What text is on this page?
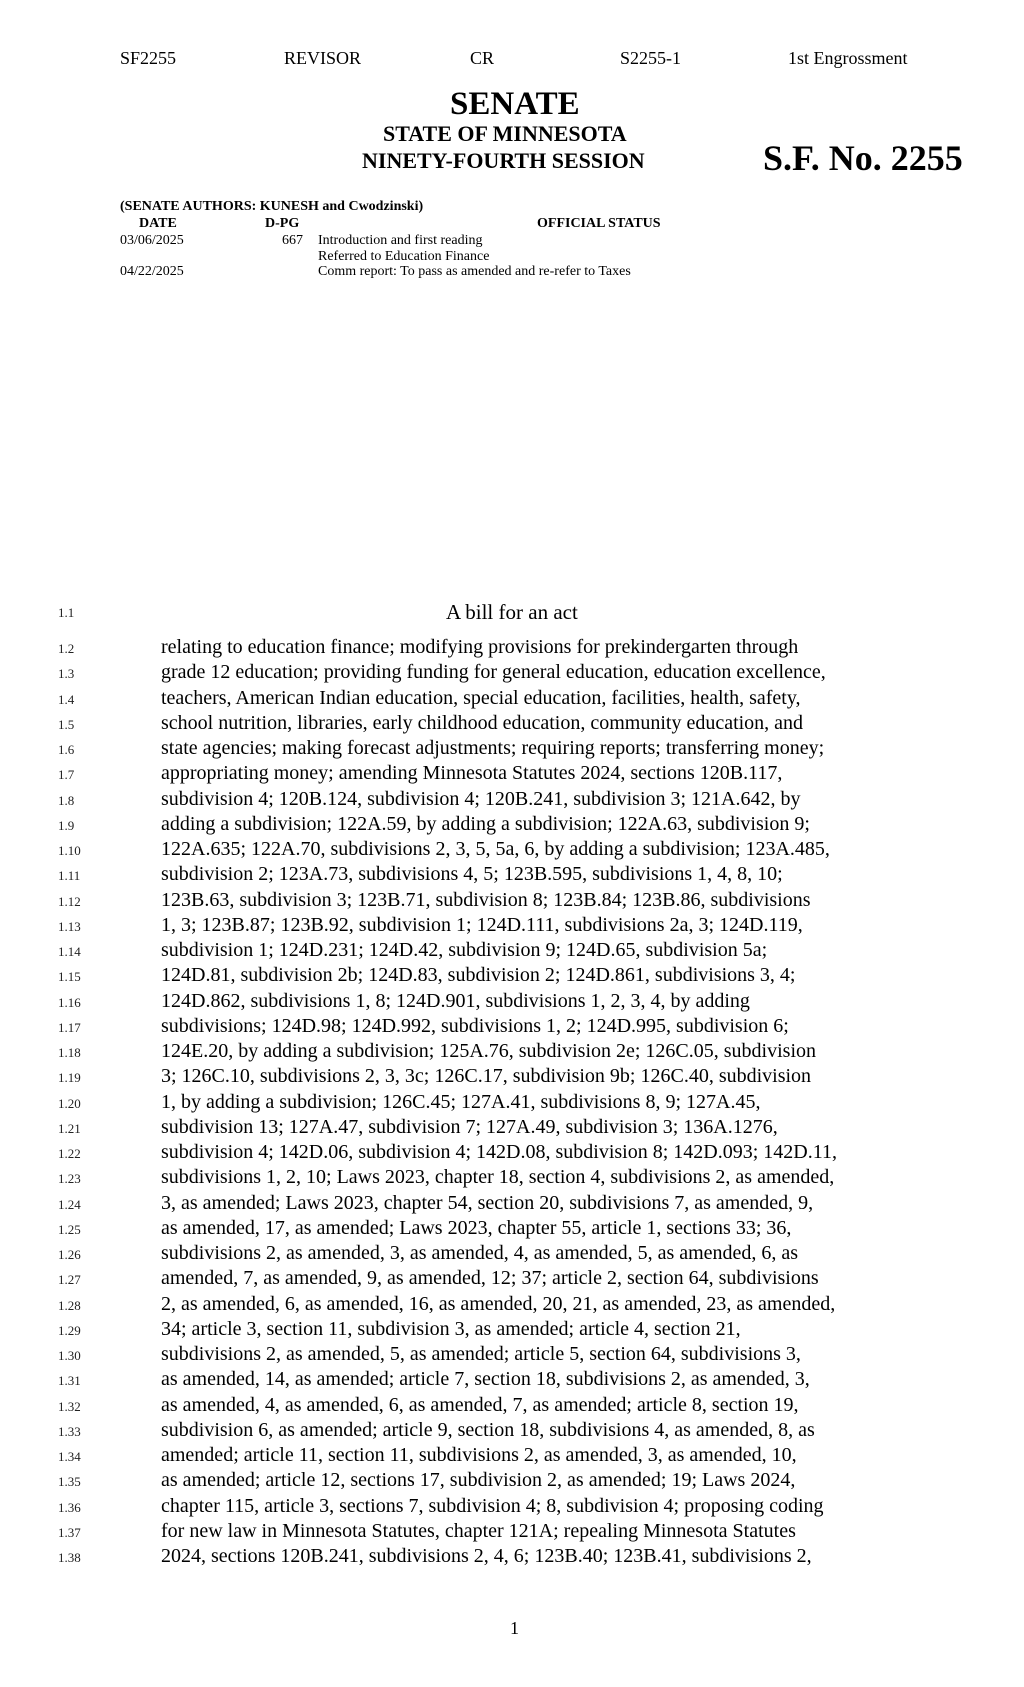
SF2255	REVISOR	CR	S2255-1	1st Engrossment
SENATE
STATE OF MINNESOTA
NINETY-FOURTH SESSION	S.F. No. 2255
(SENATE AUTHORS: KUNESH and Cwodzinski)
DATE	D-PG	OFFICIAL STATUS
03/06/2025	667 Introduction and first reading
Referred to Education Finance
04/22/2025	Comm report: To pass as amended and re-refer to Taxes
1.1	A bill for an act
1.2	relating to education finance; modifying provisions for prekindergarten through
1.3	grade 12 education; providing funding for general education, education excellence,
1.4	teachers, American Indian education, special education, facilities, health, safety,
1.5	school nutrition, libraries, early childhood education, community education, and
1.6	state agencies; making forecast adjustments; requiring reports; transferring money;
1.7	appropriating money; amending Minnesota Statutes 2024, sections 120B.117,
1.8	subdivision 4; 120B.124, subdivision 4; 120B.241, subdivision 3; 121A.642, by
1.9	adding a subdivision; 122A.59, by adding a subdivision; 122A.63, subdivision 9;
1.10	122A.635; 122A.70, subdivisions 2, 3, 5, 5a, 6, by adding a subdivision; 123A.485,
1.11	subdivision 2; 123A.73, subdivisions 4, 5; 123B.595, subdivisions 1, 4, 8, 10;
1.12	123B.63, subdivision 3; 123B.71, subdivision 8; 123B.84; 123B.86, subdivisions
1.13	1, 3; 123B.87; 123B.92, subdivision 1; 124D.111, subdivisions 2a, 3; 124D.119,
1.14	subdivision 1; 124D.231; 124D.42, subdivision 9; 124D.65, subdivision 5a;
1.15	124D.81, subdivision 2b; 124D.83, subdivision 2; 124D.861, subdivisions 3, 4;
1.16	124D.862, subdivisions 1, 8; 124D.901, subdivisions 1, 2, 3, 4, by adding
1.17	subdivisions; 124D.98; 124D.992, subdivisions 1, 2; 124D.995, subdivision 6;
1.18	124E.20, by adding a subdivision; 125A.76, subdivision 2e; 126C.05, subdivision
1.19	3; 126C.10, subdivisions 2, 3, 3c; 126C.17, subdivision 9b; 126C.40, subdivision
1.20	1, by adding a subdivision; 126C.45; 127A.41, subdivisions 8, 9; 127A.45,
1.21	subdivision 13; 127A.47, subdivision 7; 127A.49, subdivision 3; 136A.1276,
1.22	subdivision 4; 142D.06, subdivision 4; 142D.08, subdivision 8; 142D.093; 142D.11,
1.23	subdivisions 1, 2, 10; Laws 2023, chapter 18, section 4, subdivisions 2, as amended,
1.24	3, as amended; Laws 2023, chapter 54, section 20, subdivisions 7, as amended, 9,
1.25	as amended, 17, as amended; Laws 2023, chapter 55, article 1, sections 33; 36,
1.26	subdivisions 2, as amended, 3, as amended, 4, as amended, 5, as amended, 6, as
1.27	amended, 7, as amended, 9, as amended, 12; 37; article 2, section 64, subdivisions
1.28	2, as amended, 6, as amended, 16, as amended, 20, 21, as amended, 23, as amended,
1.29	34; article 3, section 11, subdivision 3, as amended; article 4, section 21,
1.30	subdivisions 2, as amended, 5, as amended; article 5, section 64, subdivisions 3,
1.31	as amended, 14, as amended; article 7, section 18, subdivisions 2, as amended, 3,
1.32	as amended, 4, as amended, 6, as amended, 7, as amended; article 8, section 19,
1.33	subdivision 6, as amended; article 9, section 18, subdivisions 4, as amended, 8, as
1.34	amended; article 11, section 11, subdivisions 2, as amended, 3, as amended, 10,
1.35	as amended; article 12, sections 17, subdivision 2, as amended; 19; Laws 2024,
1.36	chapter 115, article 3, sections 7, subdivision 4; 8, subdivision 4; proposing coding
1.37	for new law in Minnesota Statutes, chapter 121A; repealing Minnesota Statutes
1.38	2024, sections 120B.241, subdivisions 2, 4, 6; 123B.40; 123B.41, subdivisions 2,
1
